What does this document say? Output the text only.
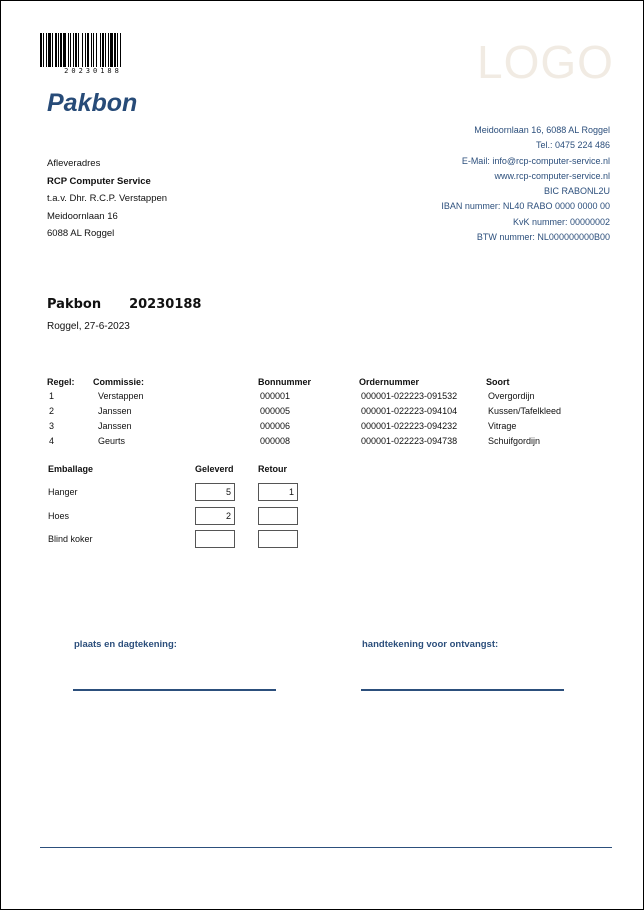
20230188	LOGO
Pakbon
Meidoornlaan 16, 6088 AL Roggel
Tel.: 0475 224 486
E-Mail: info@rcp-computer-service.nl
www.rcp-computer-service.nl
BIC RABONL2U
IBAN nummer: NL40 RABO 0000 0000 00
KvK nummer: 00000002
BTW nummer: NL000000000B00
Afleveradres
RCP Computer Service
t.a.v. Dhr. R.C.P. Verstappen
Meidoornlaan 16
6088 AL Roggel
Pakbon 20230188
Roggel, 27-6-2023
Regel: Commissie:	Bonnummer	Ordernummer	Soort
1	Verstappen	000001	000001-022223-091532	Overgordijn
2	Janssen	000005	000001-022223-094104	Kussen/Tafelkleed
3	Janssen	000006	000001-022223-094232	Vitrage
4	Geurts	000008	000001-022223-094738	Schuifgordijn
Emballage	Geleverd	Retour
Hanger	5	1
Hoes	2
Blind koker
plaats en dagtekening:	handtekening voor ontvangst:
